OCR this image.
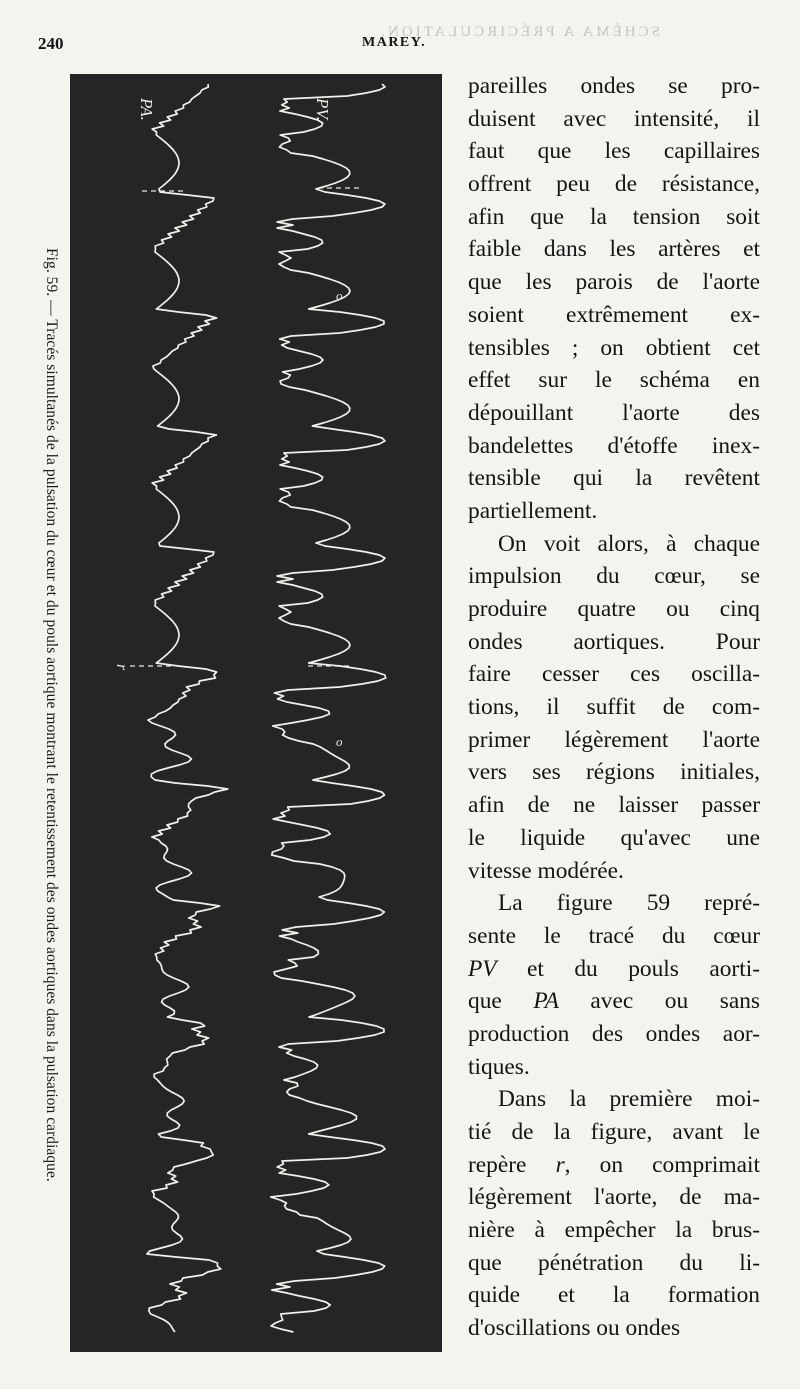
SCHÉMA A PRÉCIRCULATION.
240	MAREY.
Fig. 59. — Tracés simultanés de la pulsation du cœur et du pouls aortique montrant le retentissement des ondes aortiques dans la pulsation cardiaque.	o
o
PA.	PV.
r
pareilles ondes se pro-
duisent avec intensité, il
faut que les capillaires
offrent peu de résistance,
afin que la tension soit
faible dans les artères et
que les parois de l'aorte
soient extrêmement ex-
tensibles ; on obtient cet
effet sur le schéma en
dépouillant l'aorte des
bandelettes d'étoffe inex-
tensible qui la revêtent
partiellement.
On voit alors, à chaque
impulsion du cœur, se
produire quatre ou cinq
ondes aortiques. Pour
faire cesser ces oscilla-
tions, il suffit de com-
primer légèrement l'aorte
vers ses régions initiales,
afin de ne laisser passer
le liquide qu'avec une
vitesse modérée.
La figure 59 repré-
sente le tracé du cœur
PV et du pouls aorti-
que PA avec ou sans
production des ondes aor-
tiques.
Dans la première moi-
tié de la figure, avant le
repère r, on comprimait
légèrement l'aorte, de ma-
nière à empêcher la brus-
que pénétration du li-
quide et la formation
d'oscillations ou ondes
